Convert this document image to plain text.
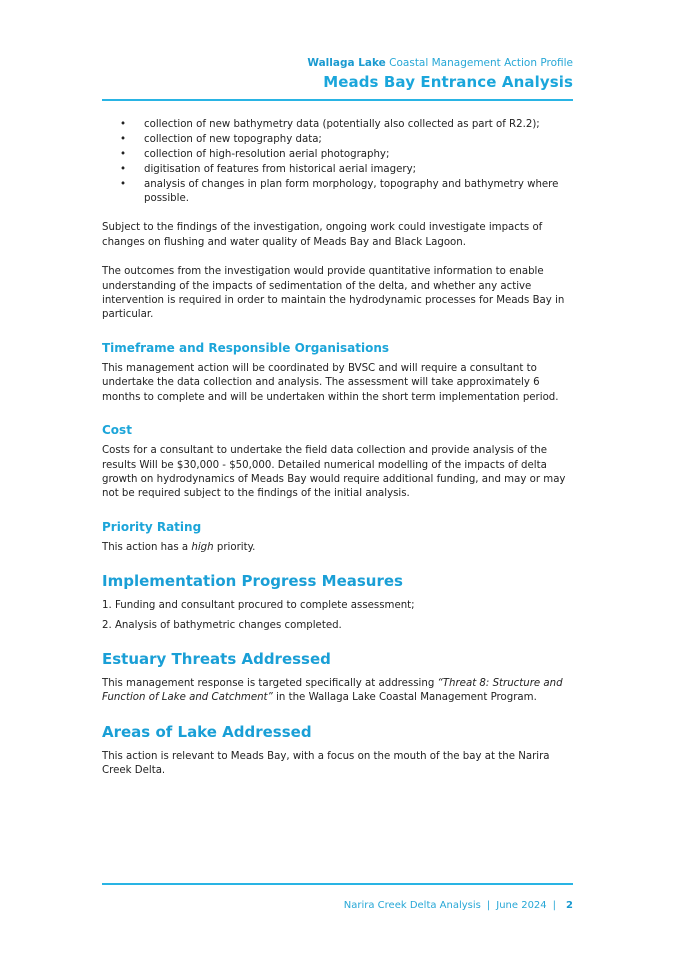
Wallaga Lake Coastal Management Action Profile
Meads Bay Entrance Analysis
• collection of new bathymetry data (potentially also collected as part of R2.2);
• collection of new topography data;
• collection of high-resolution aerial photography;
• digitisation of features from historical aerial imagery;
• analysis of changes in plan form morphology, topography and bathymetry where possible.

Subject to the findings of the investigation, ongoing work could investigate impacts of changes on flushing and water quality of Meads Bay and Black Lagoon.

The outcomes from the investigation would provide quantitative information to enable understanding of the impacts of sedimentation of the delta, and whether any active intervention is required in order to maintain the hydrodynamic processes for Meads Bay in particular.

Timeframe and Responsible Organisations

This management action will be coordinated by BVSC and will require a consultant to undertake the data collection and analysis. The assessment will take approximately 6 months to complete and will be undertaken within the short term implementation period.

Cost

Costs for a consultant to undertake the field data collection and provide analysis of the results Will be $30,000 - $50,000. Detailed numerical modelling of the impacts of delta growth on hydrodynamics of Meads Bay would require additional funding, and may or may not be required subject to the findings of the initial analysis.

Priority Rating

This action has a high priority.

Implementation Progress Measures

1. Funding and consultant procured to complete assessment;

2. Analysis of bathymetric changes completed.

Estuary Threats Addressed

This management response is targeted specifically at addressing “Threat 8: Structure and Function of Lake and Catchment” in the Wallaga Lake Coastal Management Program.

Areas of Lake Addressed

This action is relevant to Meads Bay, with a focus on the mouth of the bay at the Narira Creek Delta.

Narira Creek Delta Analysis | June 2024 | 2
